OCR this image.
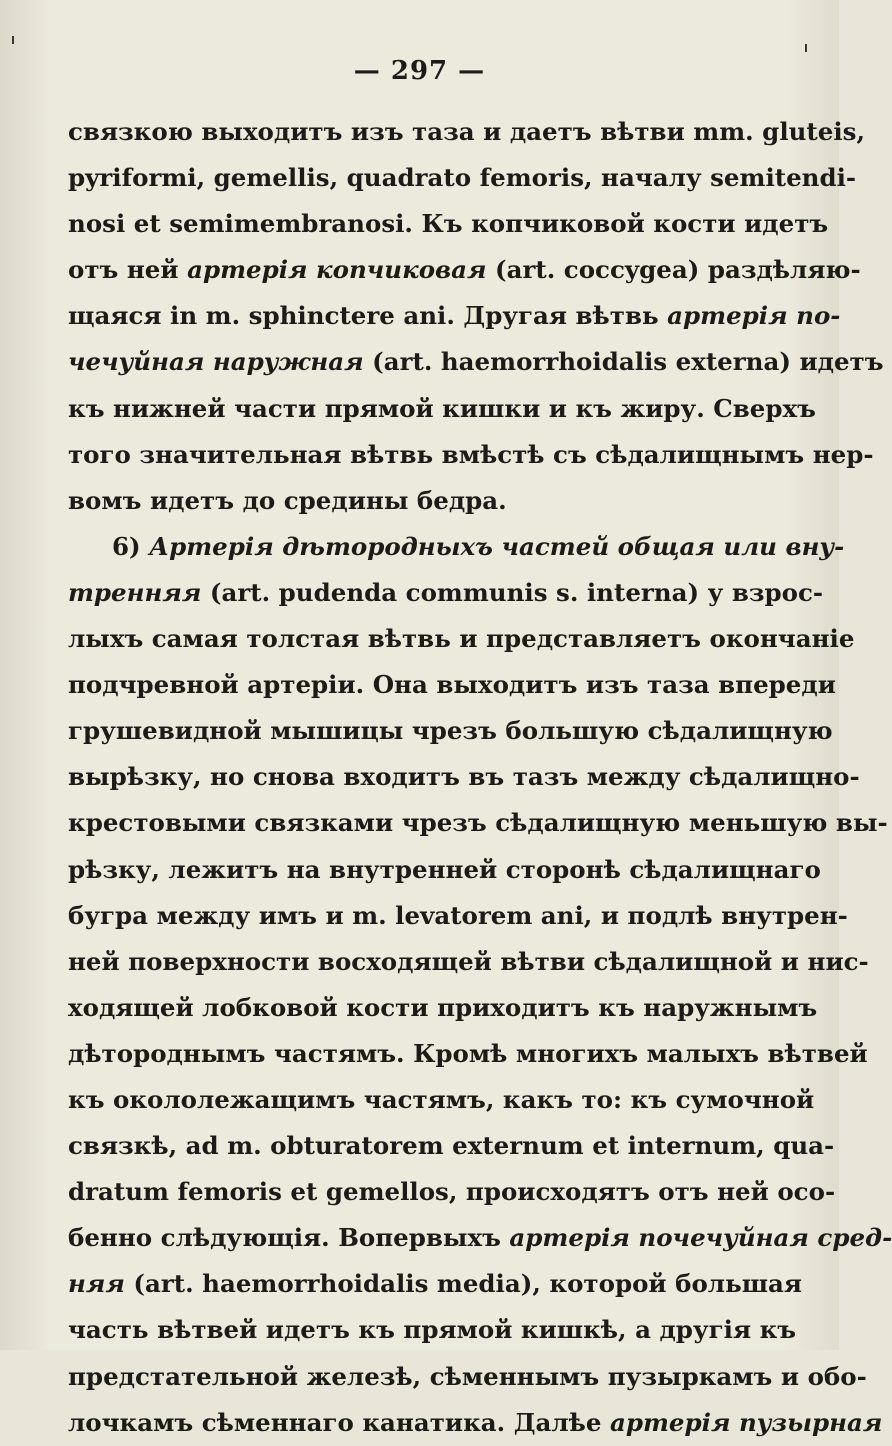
— 297 —
связкою выходитъ изъ таза и даетъ вѣтви mm. gluteis,
pyriformi, gemellis, quadrato femoris, началу semitendi-
nosi et semimembranosi. Къ копчиковой кости идетъ
отъ ней артерія копчиковая (art. coccygea) раздѣляю-
щаяся in m. sphinctere ani. Другая вѣтвь артерія по-
чечуйная наружная (art. haemorrhoidalis externa) идетъ
къ нижней части прямой кишки и къ жиру. Сверхъ
того значительная вѣтвь вмѣстѣ съ сѣдалищнымъ нер-
вомъ идетъ до средины бедра.
6) Артерія дѣтородныхъ частей общая или вну-
тренняя (art. pudenda communis s. interna) у взрос-
лыхъ самая толстая вѣтвь и представляетъ окончаніе
подчревной артеріи. Она выходитъ изъ таза впереди
грушевидной мышицы чрезъ большую сѣдалищную
вырѣзку, но снова входитъ въ тазъ между сѣдалищно-
крестовыми связками чрезъ сѣдалищную меньшую вы-
рѣзку, лежитъ на внутренней сторонѣ сѣдалищнаго
бугра между имъ и m. levatorem ani, и подлѣ внутрен-
ней поверхности восходящей вѣтви сѣдалищной и нис-
ходящей лобковой кости приходитъ къ наружнымъ
дѣтороднымъ частямъ. Кромѣ многихъ малыхъ вѣтвей
къ окололежащимъ частямъ, какъ то: къ сумочной
связкѣ, ad m. obturatorem externum et internum, qua-
dratum femoris et gemellos, происходятъ отъ ней осо-
бенно слѣдующія. Вопервыхъ артерія почечуйная сред-
няя (art. haemorrhoidalis media), которой большая
часть вѣтвей идетъ къ прямой кишкѣ, а другія къ
предстательной железѣ, сѣменнымъ пузыркамъ и обо-
лочкамъ сѣменнаго канатика. Далѣе артерія пузырная
